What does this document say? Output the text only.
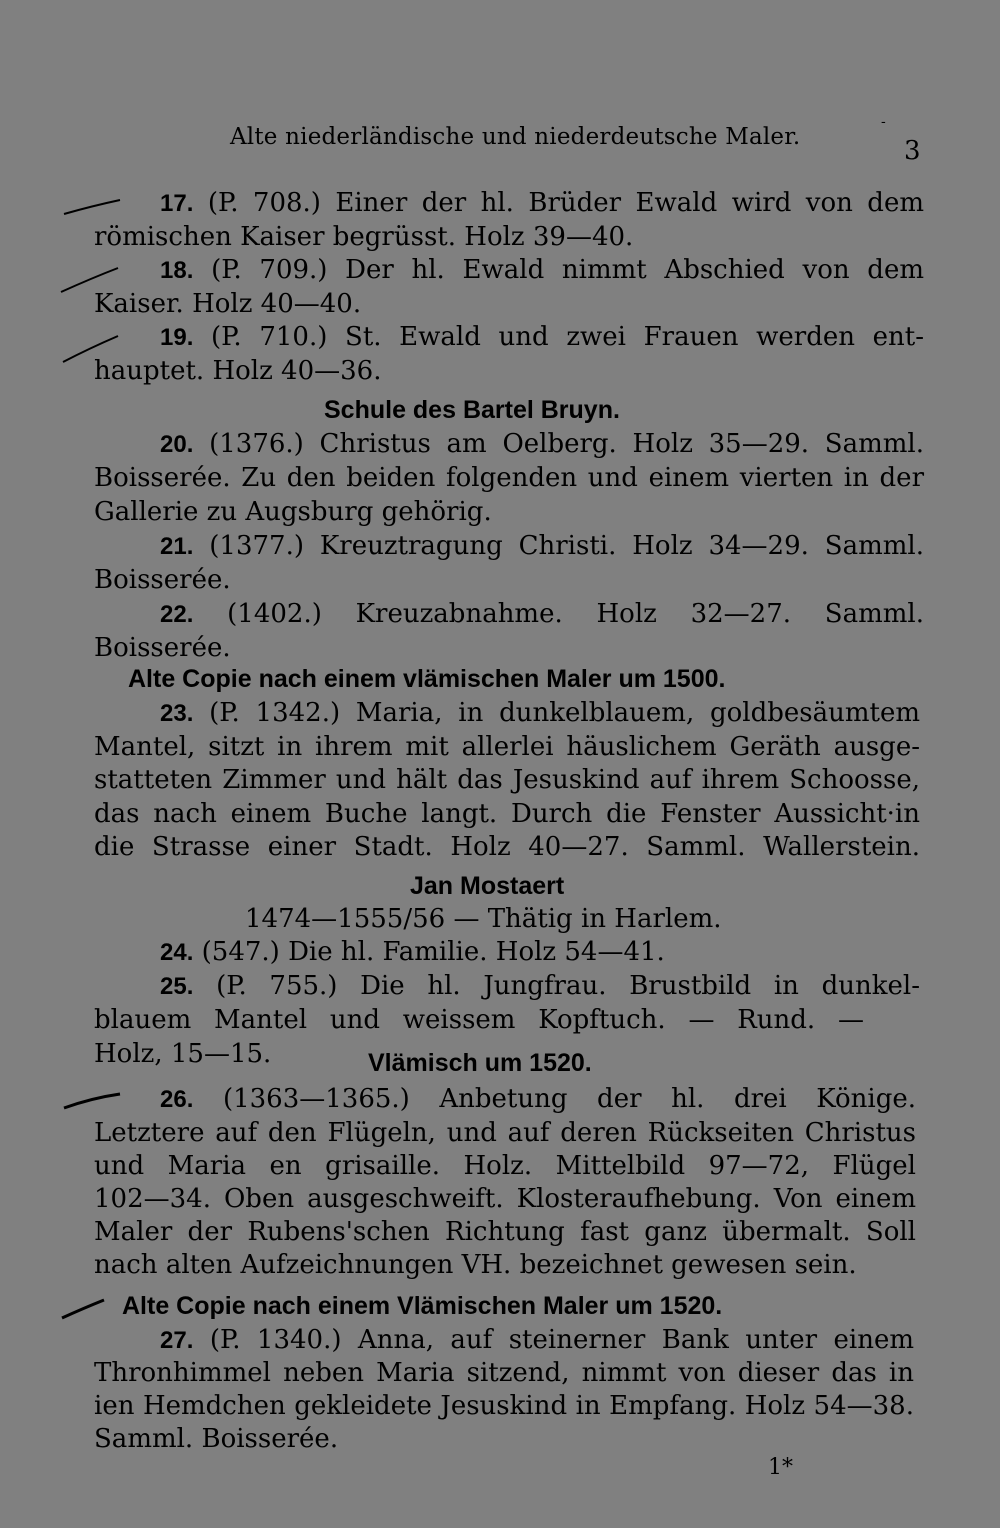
-
Alte niederländische und niederdeutsche Maler.	3
17. (P. 708.) Einer der hl. Brüder Ewald wird von dem
römischen Kaiser begrüsst. Holz 39—40.
18. (P. 709.) Der hl. Ewald nimmt Abschied von dem
Kaiser. Holz 40—40.
19. (P. 710.) St. Ewald und zwei Frauen werden ent-
hauptet. Holz 40—36.
Schule des Bartel Bruyn.
20. (1376.) Christus am Oelberg. Holz 35—29. Samml.
Boisserée. Zu den beiden folgenden und einem vierten in der
Gallerie zu Augsburg gehörig.
21. (1377.) Kreuztragung Christi. Holz 34—29. Samml.
Boisserée.
22. (1402.) Kreuzabnahme. Holz 32—27. Samml.
Boisserée.
Alte Copie nach einem vlämischen Maler um 1500.
23. (P. 1342.) Maria, in dunkelblauem, goldbesäumtem
Mantel, sitzt in ihrem mit allerlei häuslichem Geräth ausge-
statteten Zimmer und hält das Jesuskind auf ihrem Schoosse,
das nach einem Buche langt. Durch die Fenster Aussicht·in
die Strasse einer Stadt. Holz 40—27. Samml. Wallerstein.
Jan Mostaert
1474—1555/56 — Thätig in Harlem.
24. (547.) Die hl. Familie. Holz 54—41.
25. (P. 755.) Die hl. Jungfrau. Brustbild in dunkel-
blauem Mantel und weissem Kopftuch. — Rund. —
Holz, 15—15.	Vlämisch um 1520.
26. (1363—1365.) Anbetung der hl. drei Könige.
Letztere auf den Flügeln, und auf deren Rückseiten Christus
und Maria en grisaille. Holz. Mittelbild 97—72, Flügel
102—34. Oben ausgeschweift. Klosteraufhebung. Von einem
Maler der Rubens'schen Richtung fast ganz übermalt. Soll
nach alten Aufzeichnungen VH. bezeichnet gewesen sein.
Alte Copie nach einem Vlämischen Maler um 1520.
27. (P. 1340.) Anna, auf steinerner Bank unter einem
Thronhimmel neben Maria sitzend, nimmt von dieser das in
ien Hemdchen gekleidete Jesuskind in Empfang. Holz 54—38.
Samml. Boisserée.
1*
